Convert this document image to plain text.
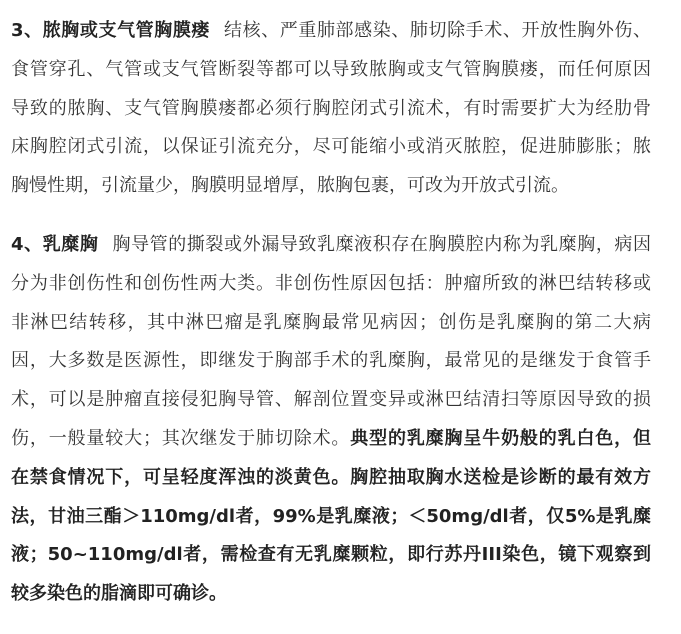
3、脓胸或支气管胸膜瘘 结核、严重肺部感染、肺切除手术、开放性胸外伤、
食管穿孔、气管或支气管断裂等都可以导致脓胸或支气管胸膜瘘，而任何原因
导致的脓胸、支气管胸膜瘘都必须行胸腔闭式引流术，有时需要扩大为经肋骨
床胸腔闭式引流，以保证引流充分，尽可能缩小或消灭脓腔，促进肺膨胀；脓
胸慢性期，引流量少，胸膜明显增厚，脓胸包裹，可改为开放式引流。
4、乳糜胸 胸导管的撕裂或外漏导致乳糜液积存在胸膜腔内称为乳糜胸，病因
分为非创伤性和创伤性两大类。非创伤性原因包括：肿瘤所致的淋巴结转移或
非淋巴结转移，其中淋巴瘤是乳糜胸最常见病因；创伤是乳糜胸的第二大病
因，大多数是医源性，即继发于胸部手术的乳糜胸，最常见的是继发于食管手
术，可以是肿瘤直接侵犯胸导管、解剖位置变异或淋巴结清扫等原因导致的损
伤，一般量较大；其次继发于肺切除术。典型的乳糜胸呈牛奶般的乳白色，但
在禁食情况下，可呈轻度浑浊的淡黄色。胸腔抽取胸水送检是诊断的最有效方
法，甘油三酯＞110mg/dl者，99%是乳糜液；＜50mg/dl者，仅5%是乳糜
液；50~110mg/dl者，需检查有无乳糜颗粒，即行苏丹III染色，镜下观察到
较多染色的脂滴即可确诊。
